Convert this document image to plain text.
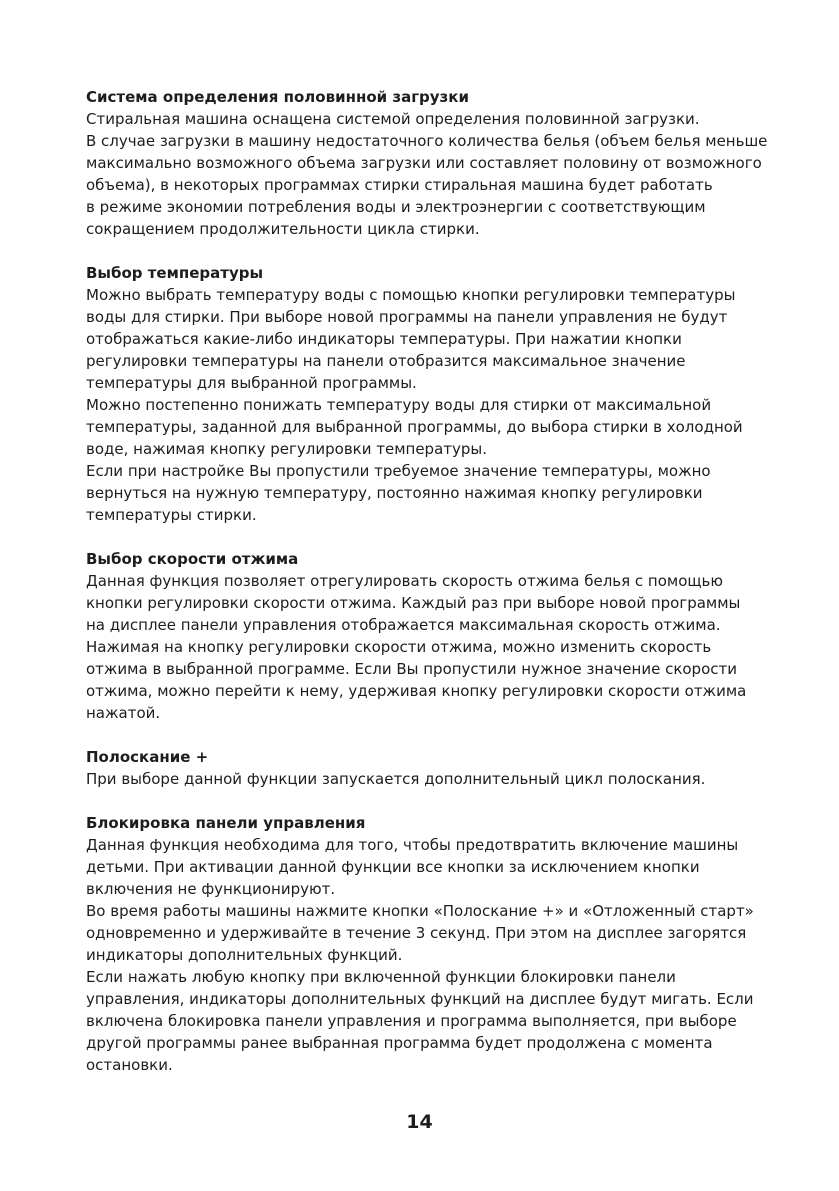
Система определения половинной загрузки

Стиральная машина оснащена системой определения половинной загрузки.

В случае загрузки в машину недостаточного количества белья (объем белья меньше

максимально возможного объема загрузки или составляет половину от возможного

объема), в некоторых программах стирки стиральная машина будет работать

в режиме экономии потребления воды и электроэнергии с соответствующим

сокращением продолжительности цикла стирки.

Выбор температуры

Можно выбрать температуру воды с помощью кнопки регулировки температуры

воды для стирки. При выборе новой программы на панели управления не будут

отображаться какие-либо индикаторы температуры. При нажатии кнопки

регулировки температуры на панели отобразится максимальное значение

температуры для выбранной программы.

Можно постепенно понижать температуру воды для стирки от максимальной

температуры, заданной для выбранной программы, до выбора стирки в холодной

воде, нажимая кнопку регулировки температуры.

Если при настройке Вы пропустили требуемое значение температуры, можно

вернуться на нужную температуру, постоянно нажимая кнопку регулировки

температуры стирки.

Выбор скорости отжима

Данная функция позволяет отрегулировать скорость отжима белья с помощью

кнопки регулировки скорости отжима. Каждый раз при выборе новой программы

на дисплее панели управления отображается максимальная скорость отжима.

Нажимая на кнопку регулировки скорости отжима, можно изменить скорость

отжима в выбранной программе. Если Вы пропустили нужное значение скорости

отжима, можно перейти к нему, удерживая кнопку регулировки скорости отжима

нажатой.

Полоскание +

При выборе данной функции запускается дополнительный цикл полоскания.

Блокировка панели управления

Данная функция необходима для того, чтобы предотвратить включение машины

детьми. При активации данной функции все кнопки за исключением кнопки

включения не функционируют.

Во время работы машины нажмите кнопки «Полоскание +» и «Отложенный старт»

одновременно и удерживайте в течение 3 секунд. При этом на дисплее загорятся

индикаторы дополнительных функций.

Если нажать любую кнопку при включенной функции блокировки панели

управления, индикаторы дополнительных функций на дисплее будут мигать. Если

включена блокировка панели управления и программа выполняется, при выборе

другой программы ранее выбранная программа будет продолжена с момента

остановки.

14
